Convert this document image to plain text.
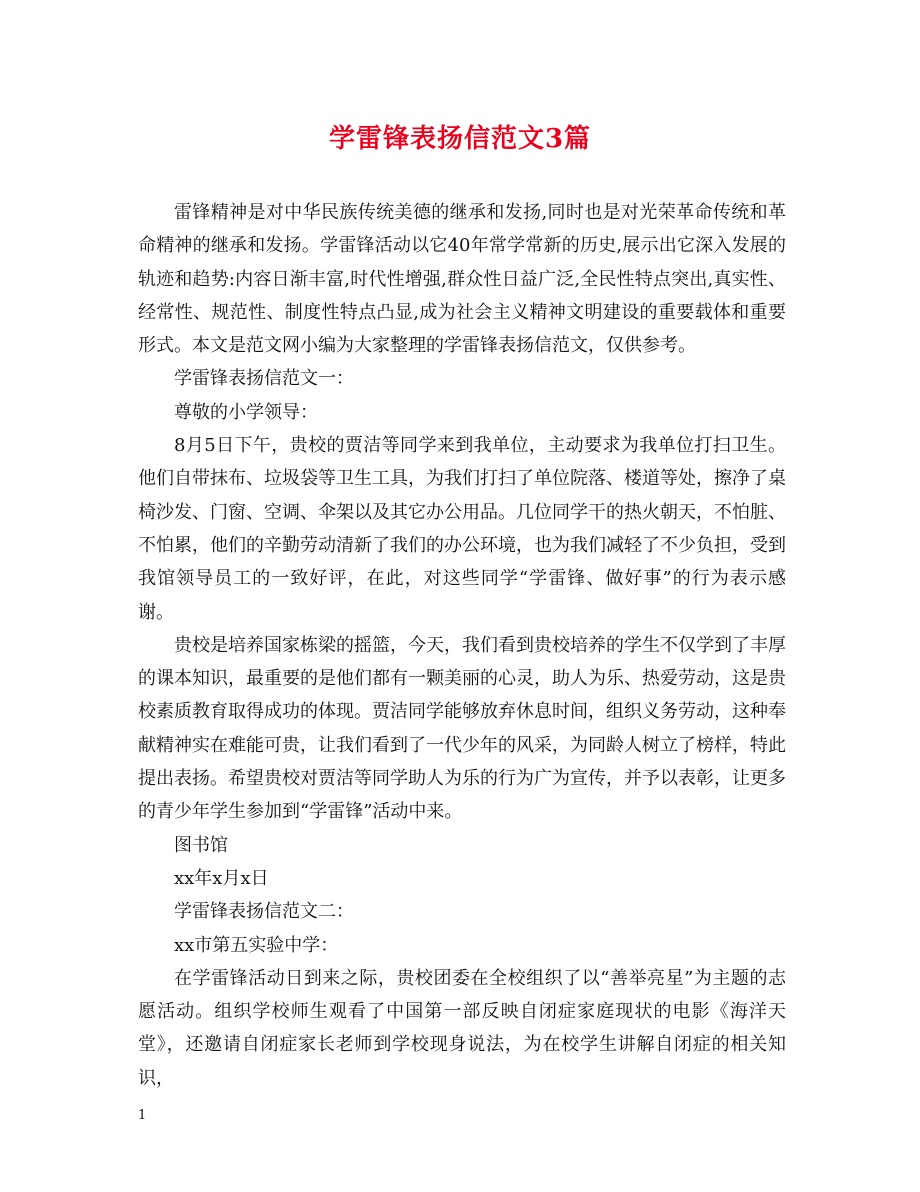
学雷锋表扬信范文3篇

雷锋精神是对中华民族传统美德的继承和发扬,同时也是对光荣革命传统和革命精神的继承和发扬。学雷锋活动以它40年常学常新的历史,展示出它深入发展的轨迹和趋势:内容日渐丰富,时代性增强,群众性日益广泛,全民性特点突出,真实性、经常性、规范性、制度性特点凸显,成为社会主义精神文明建设的重要载体和重要形式。本文是范文网小编为大家整理的学雷锋表扬信范文，仅供参考。

学雷锋表扬信范文一：

尊敬的小学领导：

8月5日下午，贵校的贾洁等同学来到我单位，主动要求为我单位打扫卫生。他们自带抹布、垃圾袋等卫生工具，为我们打扫了单位院落、楼道等处，擦净了桌椅沙发、门窗、空调、伞架以及其它办公用品。几位同学干的热火朝天，不怕脏、不怕累，他们的辛勤劳动清新了我们的办公环境，也为我们减轻了不少负担，受到我馆领导员工的一致好评，在此，对这些同学“学雷锋、做好事”的行为表示感谢。

贵校是培养国家栋梁的摇篮，今天，我们看到贵校培养的学生不仅学到了丰厚的课本知识，最重要的是他们都有一颗美丽的心灵，助人为乐、热爱劳动，这是贵校素质教育取得成功的体现。贾洁同学能够放弃休息时间，组织义务劳动，这种奉献精神实在难能可贵，让我们看到了一代少年的风采，为同龄人树立了榜样，特此提出表扬。希望贵校对贾洁等同学助人为乐的行为广为宣传，并予以表彰，让更多的青少年学生参加到“学雷锋”活动中来。

图书馆

xx年x月x日

学雷锋表扬信范文二：

xx市第五实验中学：

在学雷锋活动日到来之际，贵校团委在全校组织了以“善举亮星”为主题的志愿活动。组织学校师生观看了中国第一部反映自闭症家庭现状的电影《海洋天堂》，还邀请自闭症家长老师到学校现身说法，为在校学生讲解自闭症的相关知识，

1
